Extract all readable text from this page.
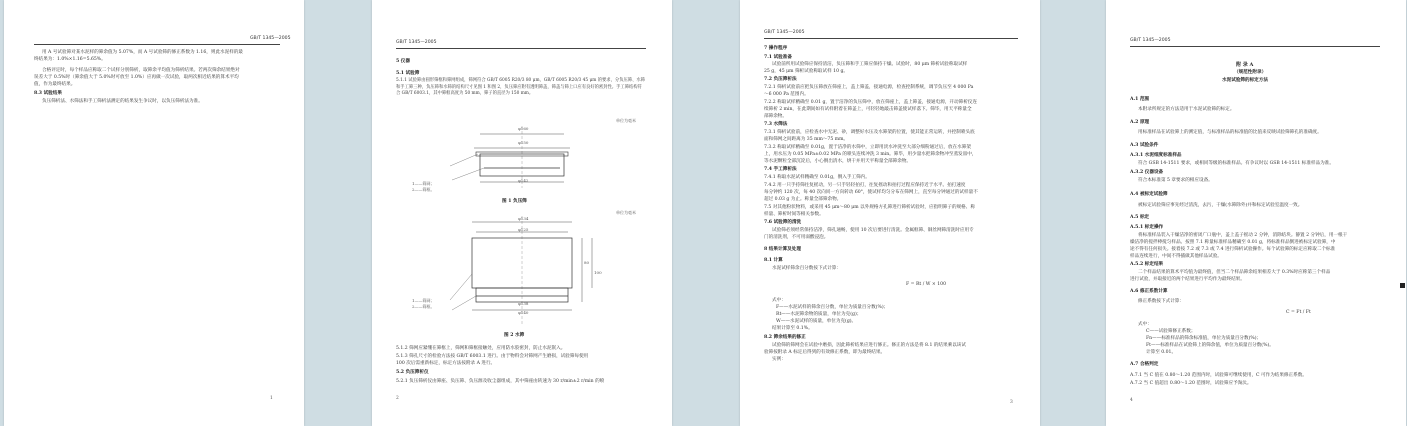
GB/T 1345—2005
用 A 号试验筛对某水泥样的筛余值为 5.07%，而 A 号试验筛的修正系数为 1.16，则此水泥样的最
终结果为：1.0%×1.16=5.65%。
合格评定时，每个样品应称取二个试样分别筛析，取筛余平均值为筛析结果。若两次筛余结果绝对
误差大于 0.5%时（筛余值大于 5.0%时可放至 1.0%）应再做一次试验，取两次相近结果的算术平均
值，作为最终结果。
8.3 试验结果
负压筛析法、水筛法和手工筛析法测定的结果发生争议时，以负压筛析法为准。
1
GB/T 1345—2005
5 仪器
5.1 试验筛
5.1.1 试验筛由圆形筛框和筛网组成，筛网符合 GB/T 6005 R20/3 80 μm，GB/T 6005 R20/3 45 μm 的要求，分负压筛、水筛和手工筛三种，负压筛和水筛的结构尺寸见图 1 和图 2，负压筛应附有透明筛盖，筛盖与筛上口应有良好的密封性。手工筛结构符合 GB/T 6003.1，其中筛框高度为 50 mm，筛子的直径为 150 mm。
单位为毫米
φ160
φ150
φ142
1——筛网；
2——筛框。
图 1 负压筛
单位为毫米
φ134
φ125
φ138
φ140
80
100
1——筛网；
2——筛框。
图 2 水筛
5.1.2 筛网应紧绷在筛框上，筛网和筛框接触处，应用防水胶密封，防止水泥嵌入。
5.1.3 筛孔尺寸的检验方法按 GB/T 6003.1 进行。由于物料会对筛网产生磨损，试验筛每使用
100 次后需重新标定，标定方法按附录 A 进行。
5.2 负压筛析仪
5.2.1 负压筛析仪由筛座、负压筛、负压源及收尘器组成，其中筛座由转速为 30 r/min±2 r/min 的喷
2
GB/T 1345—2005
7 操作程序
7.1 试验准备
试验前所用试验筛应保持清洁，负压筛和手工筛应保持干燥。试验时，80 μm 筛析试验称取试样
25 g，45 μm 筛析试验称取试样 10 g。
7.2 负压筛析法
7.2.1 筛析试验前应把负压筛放在筛座上，盖上筛盖，接通电源，检查控制系统，调节负压至 4 000 Pa
～6 000 Pa 范围内。
7.2.2 称取试样精确至 0.01 g，置于洁净的负压筛中，放在筛座上，盖上筛盖，接通电源，开动筛析仪连
续筛析 2 min，在此期间如有试样附着在筛盖上，可轻轻地敲击筛盖使试样落下。筛毕，用天平称量全
部筛余物。
7.3 水筛法
7.3.1 筛析试验前，应检查水中无泥、砂，调整好水压及水筛架的位置，使其能正常运转，并控制喷头底
面和筛网之间距离为 35 mm～75 mm。
7.3.2 称取试样精确至 0.01g，置于洁净的水筛中，立即用淡水冲洗至大部分细粉通过后，放在水筛架
上，用水压为 0.05 MPa±0.02 MPa 的喷头连续冲洗 3 min。筛毕，用少量水把筛余物冲至蒸发皿中，
等水泥颗粒全部沉淀后，小心倒出清水，烘干并用天平称量全部筛余物。
7.4 手工筛析法
7.4.1 称取水泥试样精确至 0.01g，倒入手工筛内。
7.4.2 用一只手持筛往复摇动，另一只手轻轻拍打，往复摇动和拍打过程应保持近于水平。拍打速度
每分钟约 120 次，每 40 次向同一方向转动 60°，使试样均匀分布在筛网上，直至每分钟通过的试样量不
超过 0.03 g 为止。称量全部筛余物。
7.5 对其他粉状物料，或采用 45 μm～80 μm 以外规格方孔筛进行筛析试验时，应指明筛子的规格、称
样量、筛析时间等相关参数。
7.6 试验筛的清洗
试验筛必须经常保持洁净，筛孔通畅，使用 10 次后要进行清洗。金属框筛、铜丝网筛清洗时应用专
门的清洗剂，不可用弱酸浸泡。
8 结果计算及处理
8.1 计算
水泥试样筛余百分数按下式计算：
F = Rt / W × 100
式中：
F——水泥试样的筛余百分数，单位为质量百分数(%)；
Rt——水泥筛余物的质量，单位为克(g)；
W——水泥试样的质量，单位为克(g)。
结果计算至 0.1%。
8.2 筛余结果的修正
试验筛的筛网会在试验中磨损，因此筛析结果应进行修正。修正的方法是将 8.1 的结果乘以该试
验筛按附录 A 标定后得到的有效修正系数，即为最终结果。
实例：
3
GB/T 1345—2005
附 录 A
（规范性附录）
水泥试验筛的标定方法
A.1 范围
本附录所规定的方法适用于水泥试验筛的标定。
A.2 原理
用标准样品在试验筛上的测定值，与标准样品的标准值的比值来反映试验筛筛孔的准确度。
A.3 试验条件
A.3.1 水泥细度标准样品
符合 GSB 14-1511 要求，或相同等级的标准样品。有争议时以 GSB 14-1511 标准样品为准。
A.3.2 仪器设备
符合本标准第 5 章要求的相应设备。
A.4 被标定试验筛
被标定试验筛应事先经过清洗，去污，干燥(水筛除外)并和标定试验室温度一致。
A.5 标定
A.5.1 标定操作
将标准样品装入干燥洁净的密闭广口瓶中，盖上盖子摇动 2 分钟，消除结块。静置 2 分钟后，用一根干
燥洁净的搅拌棒搅匀样品。按照 7.1 称量标准样品精确至 0.01 g，将标准样品倒进被标定试验筛，中
途不得有任何损失。接着按 7.2 或 7.3 或 7.4 进行筛析试验操作。每个试验筛的标定应称取二个标准
样品连续进行，中间不得插做其他样品试验。
A.5.2 标定结果
二个样品结果的算术平均值为最终值，但当二个样品筛余结果相差大于 0.3%时应称第三个样品
进行试验，并取接近的两个结果进行平均作为最终结果。
A.6 修正系数计算
修正系数按下式计算：
C = Ft / Ft
式中：
C——试验筛修正系数；
Fn——标准样品的筛余标准值，单位为质量百分数(%)；
Ft——标准样品在试验筛上的筛余值，单位为质量百分数(%)。
计算至 0.01。
A.7 合格判定
A.7.1 当 C 值在 0.80～1.20 范围内时，试验筛可继续使用，C 可作为结果修正系数。
A.7.2 当 C 值超出 0.80～1.20 范围时，试验筛应予淘汰。
4
